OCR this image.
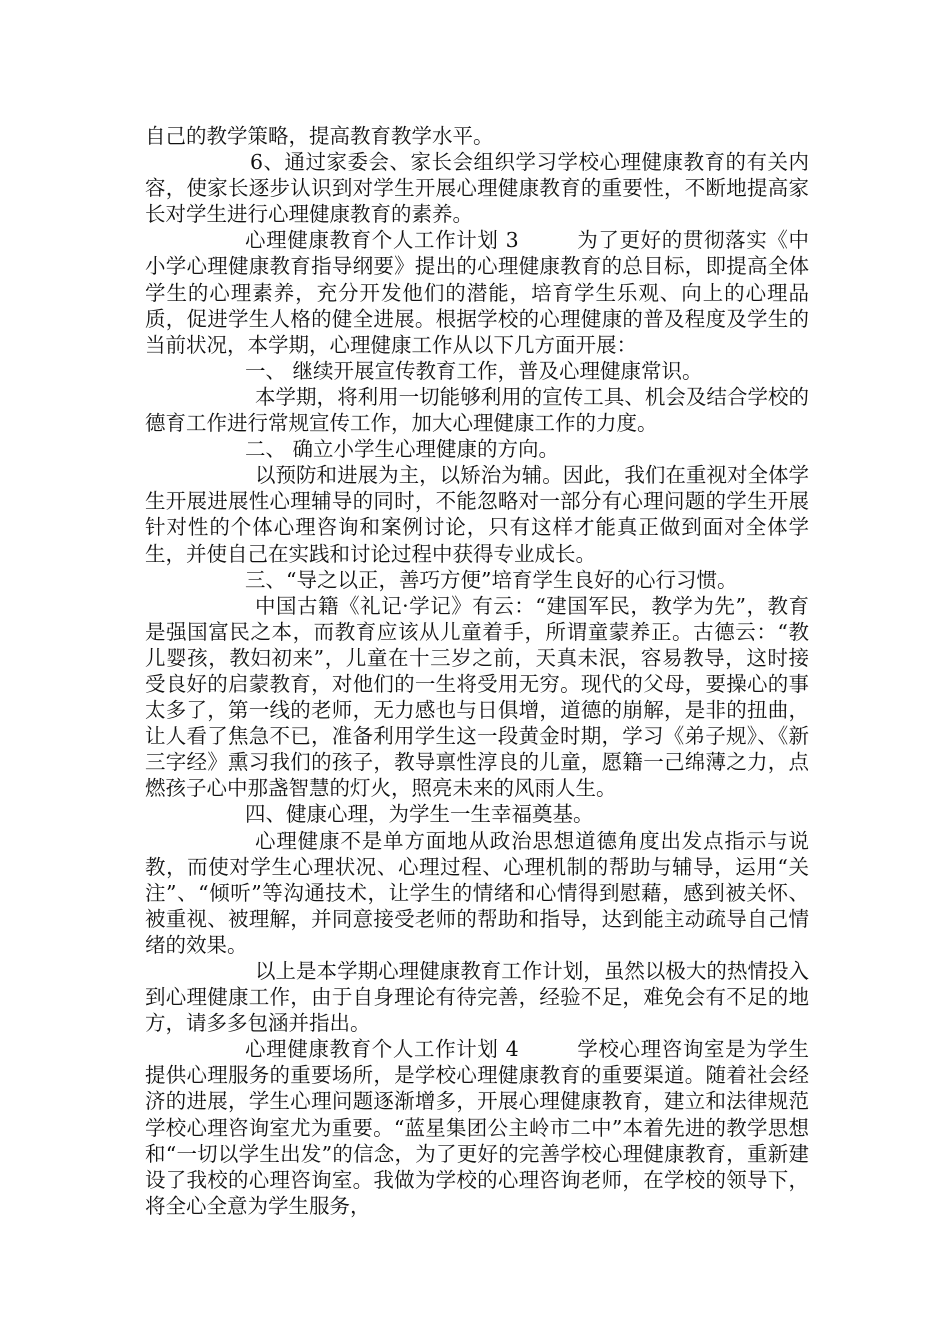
自己的教学策略，提高教育教学水平。

6、通过家委会、家长会组织学习学校心理健康教育的有关内容，使家长逐步认识到对学生开展心理健康教育的重要性，不断地提高家长对学生进行心理健康教育的素养。

心理健康教育个人工作计划 3	为了更好的贯彻落实《中小学心理健康教育指导纲要》提出的心理健康教育的总目标，即提高全体学生的心理素养，充分开发他们的潜能，培育学生乐观、向上的心理品质，促进学生人格的健全进展。根据学校的心理健康的普及程度及学生的当前状况，本学期，心理健康工作从以下几方面开展：

一、 继续开展宣传教育工作，普及心理健康常识。

本学期，将利用一切能够利用的宣传工具、机会及结合学校的德育工作进行常规宣传工作，加大心理健康工作的力度。

二、 确立小学生心理健康的方向。

以预防和进展为主，以矫治为辅。因此，我们在重视对全体学生开展进展性心理辅导的同时，不能忽略对一部分有心理问题的学生开展针对性的个体心理咨询和案例讨论，只有这样才能真正做到面对全体学生，并使自己在实践和讨论过程中获得专业成长。

三、“导之以正，善巧方便”培育学生良好的心行习惯。

中国古籍《礼记·学记》有云：“建国军民，教学为先”，教育是强国富民之本，而教育应该从儿童着手，所谓童蒙养正。古德云：“教儿婴孩，教妇初来”，儿童在十三岁之前，天真未泯，容易教导，这时接受良好的启蒙教育，对他们的一生将受用无穷。现代的父母，要操心的事太多了，第一线的老师，无力感也与日俱增，道德的崩解，是非的扭曲，让人看了焦急不已，准备利用学生这一段黄金时期，学习《弟子规》、《新三字经》熏习我们的孩子，教导禀性淳良的儿童，愿籍一己绵薄之力，点燃孩子心中那盏智慧的灯火，照亮未来的风雨人生。

四、健康心理，为学生一生幸福奠基。

心理健康不是单方面地从政治思想道德角度出发点指示与说教，而使对学生心理状况、心理过程、心理机制的帮助与辅导，运用“关注”、“倾听”等沟通技术，让学生的情绪和心情得到慰藉，感到被关怀、被重视、被理解，并同意接受老师的帮助和指导，达到能主动疏导自己情绪的效果。

以上是本学期心理健康教育工作计划，虽然以极大的热情投入到心理健康工作，由于自身理论有待完善，经验不足，难免会有不足的地方，请多多包涵并指出。

心理健康教育个人工作计划 4	学校心理咨询室是为学生提供心理服务的重要场所，是学校心理健康教育的重要渠道。随着社会经济的进展，学生心理问题逐渐增多，开展心理健康教育，建立和法律规范学校心理咨询室尤为重要。“蓝星集团公主岭市二中”本着先进的教学思想和“一切以学生出发”的信念，为了更好的完善学校心理健康教育，重新建设了我校的心理咨询室。我做为学校的心理咨询老师，在学校的领导下，将全心全意为学生服务，
